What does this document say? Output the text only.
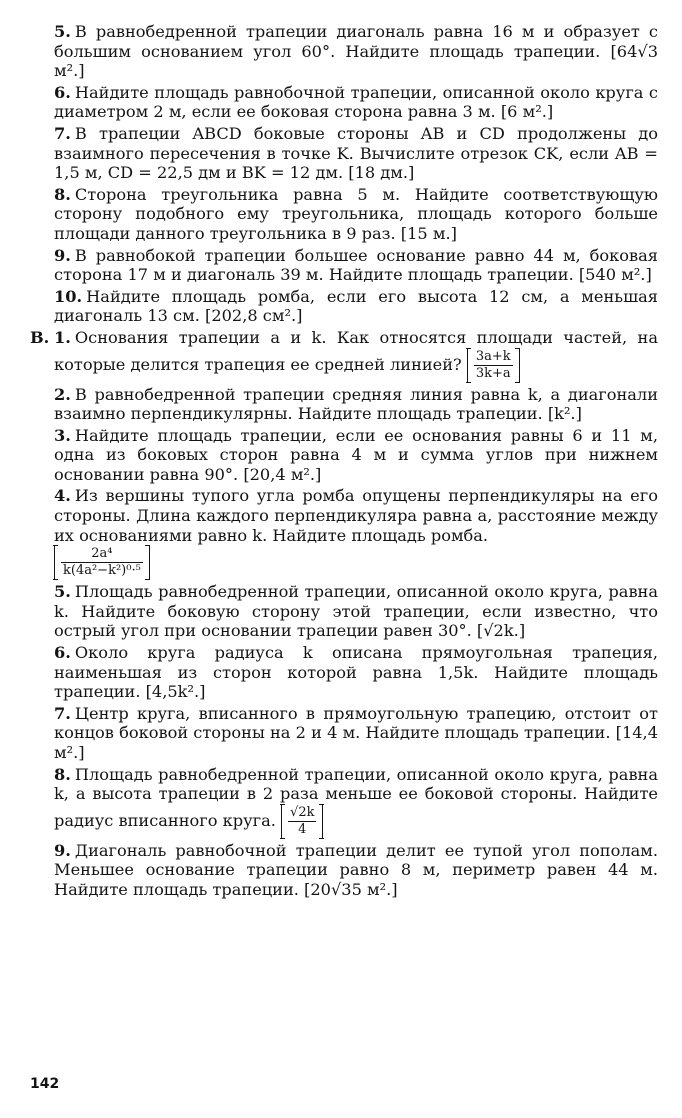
5. В равнобедренной трапеции диагональ равна 16 м и образует с большим основанием угол 60°. Найдите площадь трапеции. [64√3 м².]

6. Найдите площадь равнобочной трапеции, описанной около круга с диаметром 2 м, если ее боковая сторона равна 3 м. [6 м².]

7. В трапеции ABCD боковые стороны AB и CD продолжены до взаимного пересечения в точке K. Вычислите отрезок CK, если AB = 1,5 м, CD = 22,5 дм и BK = 12 дм. [18 дм.]

8. Сторона треугольника равна 5 м. Найдите соответствующую сторону подобного ему треугольника, площадь которого больше площади данного треугольника в 9 раз. [15 м.]

9. В равнобокой трапеции большее основание равно 44 м, боковая сторона 17 м и диагональ 39 м. Найдите площадь трапеции. [540 м².]

10. Найдите площадь ромба, если его высота 12 см, а меньшая диагональ 13 см. [202,8 см².]

В. 1. Основания трапеции a и k. Как относятся площади частей, на которые делится трапеция ее средней линией? $\frac{3a+k}{3k+a}$

2. В равнобедренной трапеции средняя линия равна k, а диагонали взаимно перпендикулярны. Найдите площадь трапеции. [k².]

3. Найдите площадь трапеции, если ее основания равны 6 и 11 м, одна из боковых сторон равна 4 м и сумма углов при нижнем основании равна 90°. [20,4 м².]

4. Из вершины тупого угла ромба опущены перпендикуляры на его стороны. Длина каждого перпендикуляра равна a, расстояние между их основаниями равно k. Найдите площадь ромба.

$\frac{\text{2a⁴}}{\text{k(4a²−k²)⁰·⁵}}$

5. Площадь равнобедренной трапеции, описанной около круга, равна k. Найдите боковую сторону этой трапеции, если известно, что острый угол при основании трапеции равен 30°. [√2k.]

6. Около круга радиуса k описана прямоугольная трапеция, наименьшая из сторон которой равна 1,5k. Найдите площадь трапеции. [4,5k².]

7. Центр круга, вписанного в прямоугольную трапецию, отстоит от концов боковой стороны на 2 и 4 м. Найдите площадь трапеции. [14,4 м².]

8. Площадь равнобедренной трапеции, описанной около круга, равна k, а высота трапеции в 2 раза меньше ее боковой стороны. Найдите радиус вписанного круга. $\frac{√2k}{4}$

9. Диагональ равнобочной трапеции делит ее тупой угол пополам. Меньшее основание трапеции равно 8 м, периметр равен 44 м. Найдите площадь трапеции. [20√35 м².]

142
